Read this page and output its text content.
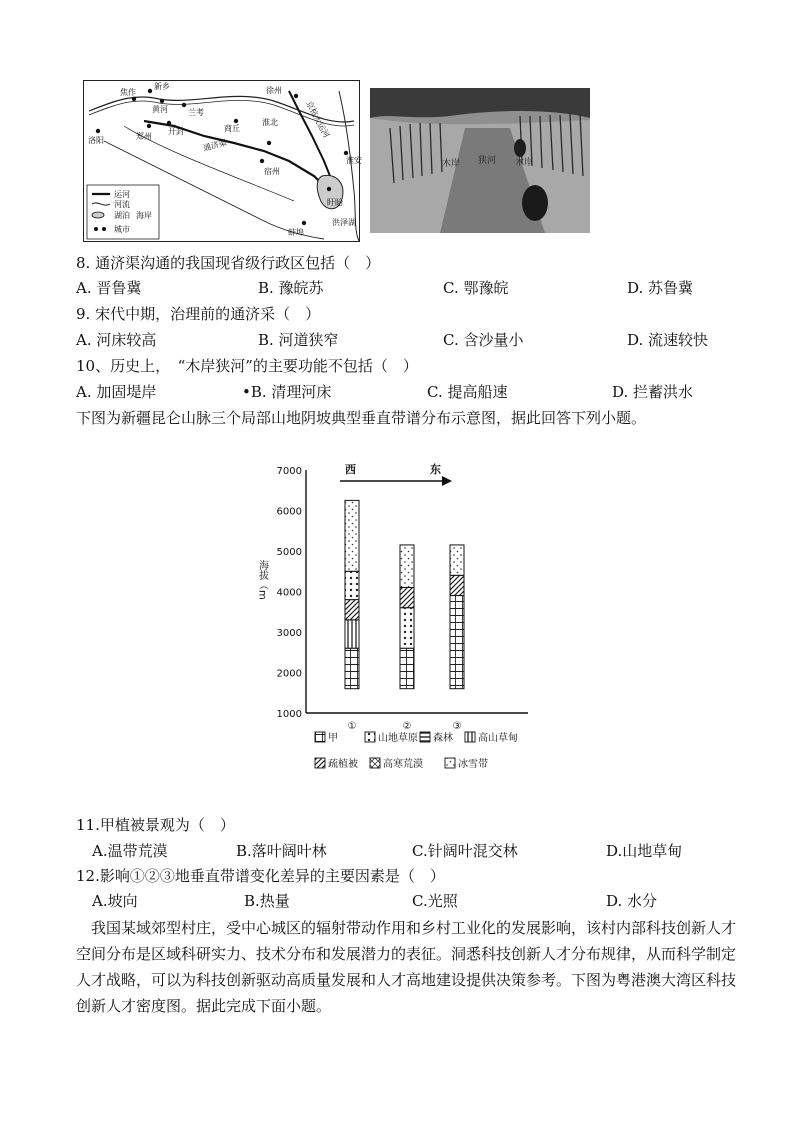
焦作
新乡
黄河	兰考
商丘
淮北
开封
郑州
洛阳
徐州
宿州
盱眙
蚌埠
淮安
通济渠
洪泽湖
京杭大运河
运河
河流
湖泊 海岸
城市
木岸 狭河 木岸
8. 通济渠沟通的我国现省级行政区包括（　）
A. 晋鲁冀	B. 豫皖苏	C. 鄂豫皖	D. 苏鲁冀
9. 宋代中期，治理前的通济采（　）
A. 河床较高	B. 河道狭窄	C. 含沙量小	D. 流速较快
10、历史上，　“木岸狭河”的主要功能不包括（　）
A. 加固堤岸	•B. 清理河床	C. 提高船速	D. 拦蓄洪水
下图为新疆昆仑山脉三个局部山地阴坡典型垂直带谱分布示意图，据此回答下列小题。
1000
2000
3000
4000
5000
6000
7000
①	②	③
甲	山地草原 森林	高山草甸
疏植被	高寒荒漠	冰雪带
西	东
海拔（m
11.甲植被景观为（　）
A.温带荒漠	B.落叶阔叶林	C.针阔叶混交林	D.山地草甸
12.影响①②③地垂直带谱变化差异的主要因素是（　）
A.坡向	B.热量	C.光照	D. 水分
我国某域郊型村庄，受中心城区的辐射带动作用和乡村工业化的发展影响，该村内部科技创新人才空间分布是区域科研实力、技术分布和发展潜力的表征。洞悉科技创新人才分布规律，从而科学制定人才战略，可以为科技创新驱动高质量发展和人才高地建设提供决策参考。下图为粤港澳大湾区科技创新人才密度图。据此完成下面小题。
